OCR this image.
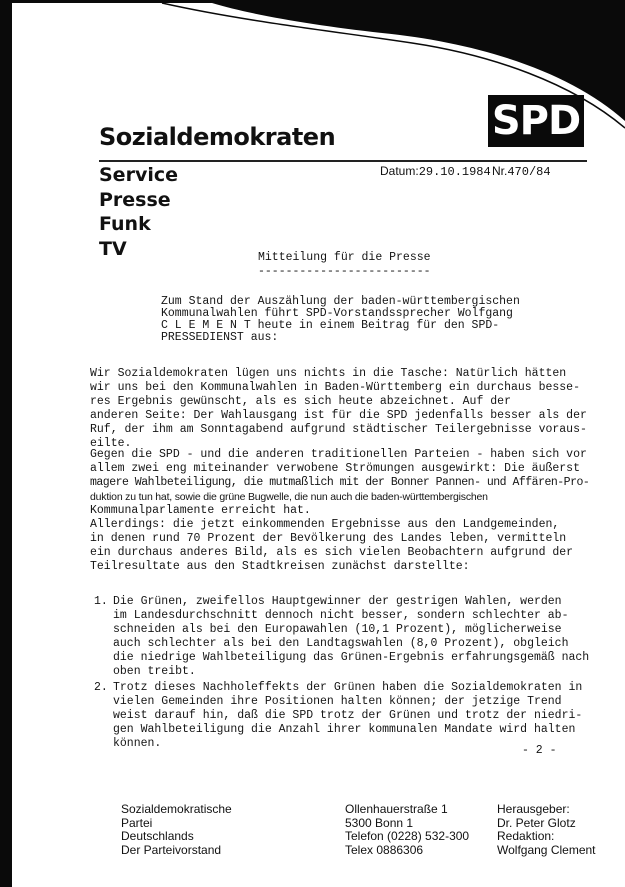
SPD
Sozialdemokraten
Service
Presse
Funk
TV
Datum:29.10.1984 Nr.470/84
Mitteilung für die Presse
-------------------------
Zum Stand der Auszählung der baden-württembergischen
Kommunalwahlen führt SPD-Vorstandssprecher Wolfgang
C L E M E N T heute in einem Beitrag für den SPD-
PRESSEDIENST aus:
Wir Sozialdemokraten lügen uns nichts in die Tasche: Natürlich hätten
wir uns bei den Kommunalwahlen in Baden-Württemberg ein durchaus besse-
res Ergebnis gewünscht, als es sich heute abzeichnet. Auf der
anderen Seite: Der Wahlausgang ist für die SPD jedenfalls besser als der
Ruf, der ihm am Sonntagabend aufgrund städtischer Teilergebnisse voraus-
eilte.
Gegen die SPD - und die anderen traditionellen Parteien - haben sich vor
allem zwei eng miteinander verwobene Strömungen ausgewirkt: Die äußerst
magere Wahlbeteiligung, die mutmaßlich mit der Bonner Pannen- und Affären-Pro-
duktion zu tun hat, sowie die grüne Bugwelle, die nun auch die baden-württembergischen
Kommunalparlamente erreicht hat.
Allerdings: die jetzt einkommenden Ergebnisse aus den Landgemeinden,
in denen rund 70 Prozent der Bevölkerung des Landes leben, vermitteln
ein durchaus anderes Bild, als es sich vielen Beobachtern aufgrund der
Teilresultate aus den Stadtkreisen zunächst darstellte:
1. Die Grünen, zweifellos Hauptgewinner der gestrigen Wahlen, werden
im Landesdurchschnitt dennoch nicht besser, sondern schlechter ab-
schneiden als bei den Europawahlen (10,1 Prozent), möglicherweise
auch schlechter als bei den Landtagswahlen (8,0 Prozent), obgleich
die niedrige Wahlbeteiligung das Grünen-Ergebnis erfahrungsgemäß nach
oben treibt.
2. Trotz dieses Nachholeffekts der Grünen haben die Sozialdemokraten in
vielen Gemeinden ihre Positionen halten können; der jetzige Trend
weist darauf hin, daß die SPD trotz der Grünen und trotz der niedri-
gen Wahlbeteiligung die Anzahl ihrer kommunalen Mandate wird halten
können.
- 2 -
Sozialdemokratische
Partei
Deutschlands
Der Parteivorstand
Ollenhauerstraße 1
5300 Bonn 1
Telefon (0228) 532-300
Telex 0886306
Herausgeber:
Dr. Peter Glotz
Redaktion:
Wolfgang Clement
